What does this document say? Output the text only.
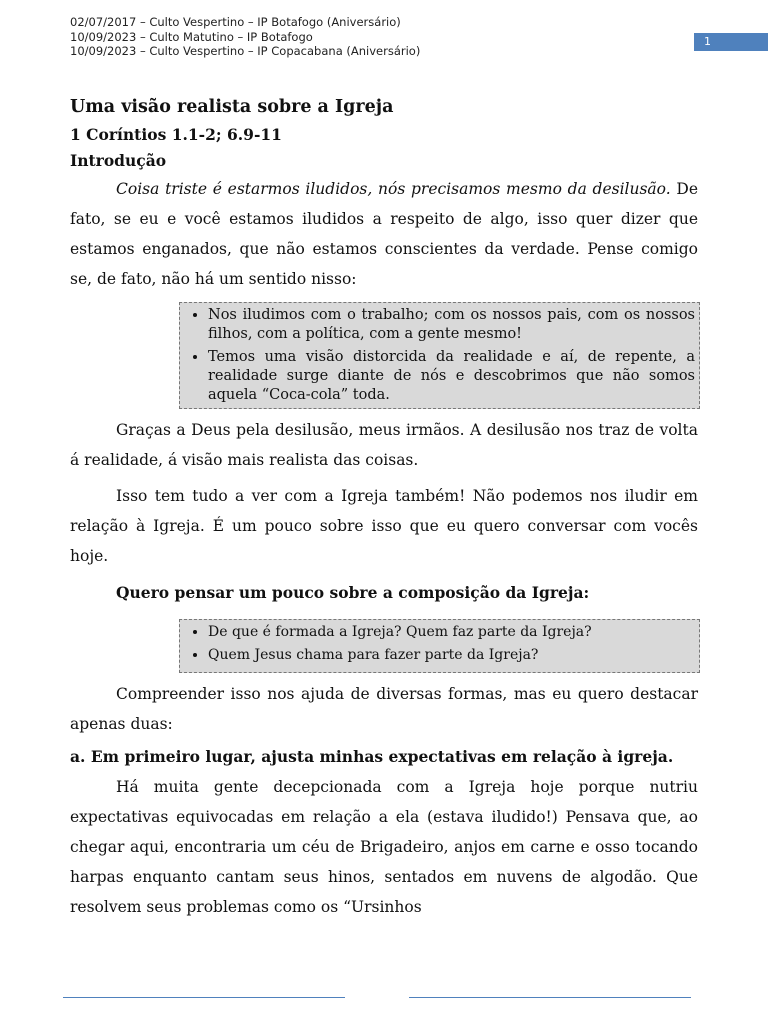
02/07/2017 – Culto Vespertino – IP Botafogo (Aniversário)
10/09/2023 – Culto Matutino – IP Botafogo
10/09/2023 – Culto Vespertino – IP Copacabana (Aniversário)
1
Uma visão realista sobre a Igreja
1 Coríntios 1.1-2; 6.9-11
Introdução

Coisa triste é estarmos iludidos, nós precisamos mesmo da desilusão. De fato, se eu e você estamos iludidos a respeito de algo, isso quer dizer que estamos enganados, que não estamos conscientes da verdade. Pense comigo se, de fato, não há um sentido nisso:

• Nos iludimos com o trabalho; com os nossos pais, com os nossos filhos, com a política, com a gente mesmo!
• Temos uma visão distorcida da realidade e aí, de repente, a realidade surge diante de nós e descobrimos que não somos aquela “Coca-cola” toda.

Graças a Deus pela desilusão, meus irmãos. A desilusão nos traz de volta á realidade, á visão mais realista das coisas.

Isso tem tudo a ver com a Igreja também! Não podemos nos iludir em relação à Igreja. É um pouco sobre isso que eu quero conversar com vocês hoje.

Quero pensar um pouco sobre a composição da Igreja:
• De que é formada a Igreja? Quem faz parte da Igreja?
• Quem Jesus chama para fazer parte da Igreja?

Compreender isso nos ajuda de diversas formas, mas eu quero destacar apenas duas:

a. Em primeiro lugar, ajusta minhas expectativas em relação à igreja.

Há muita gente decepcionada com a Igreja hoje porque nutriu expectativas equivocadas em relação a ela (estava iludido!) Pensava que, ao chegar aqui, encontraria um céu de Brigadeiro, anjos em carne e osso tocando harpas enquanto cantam seus hinos, sentados em nuvens de algodão. Que resolvem seus problemas como os “Ursinhos
